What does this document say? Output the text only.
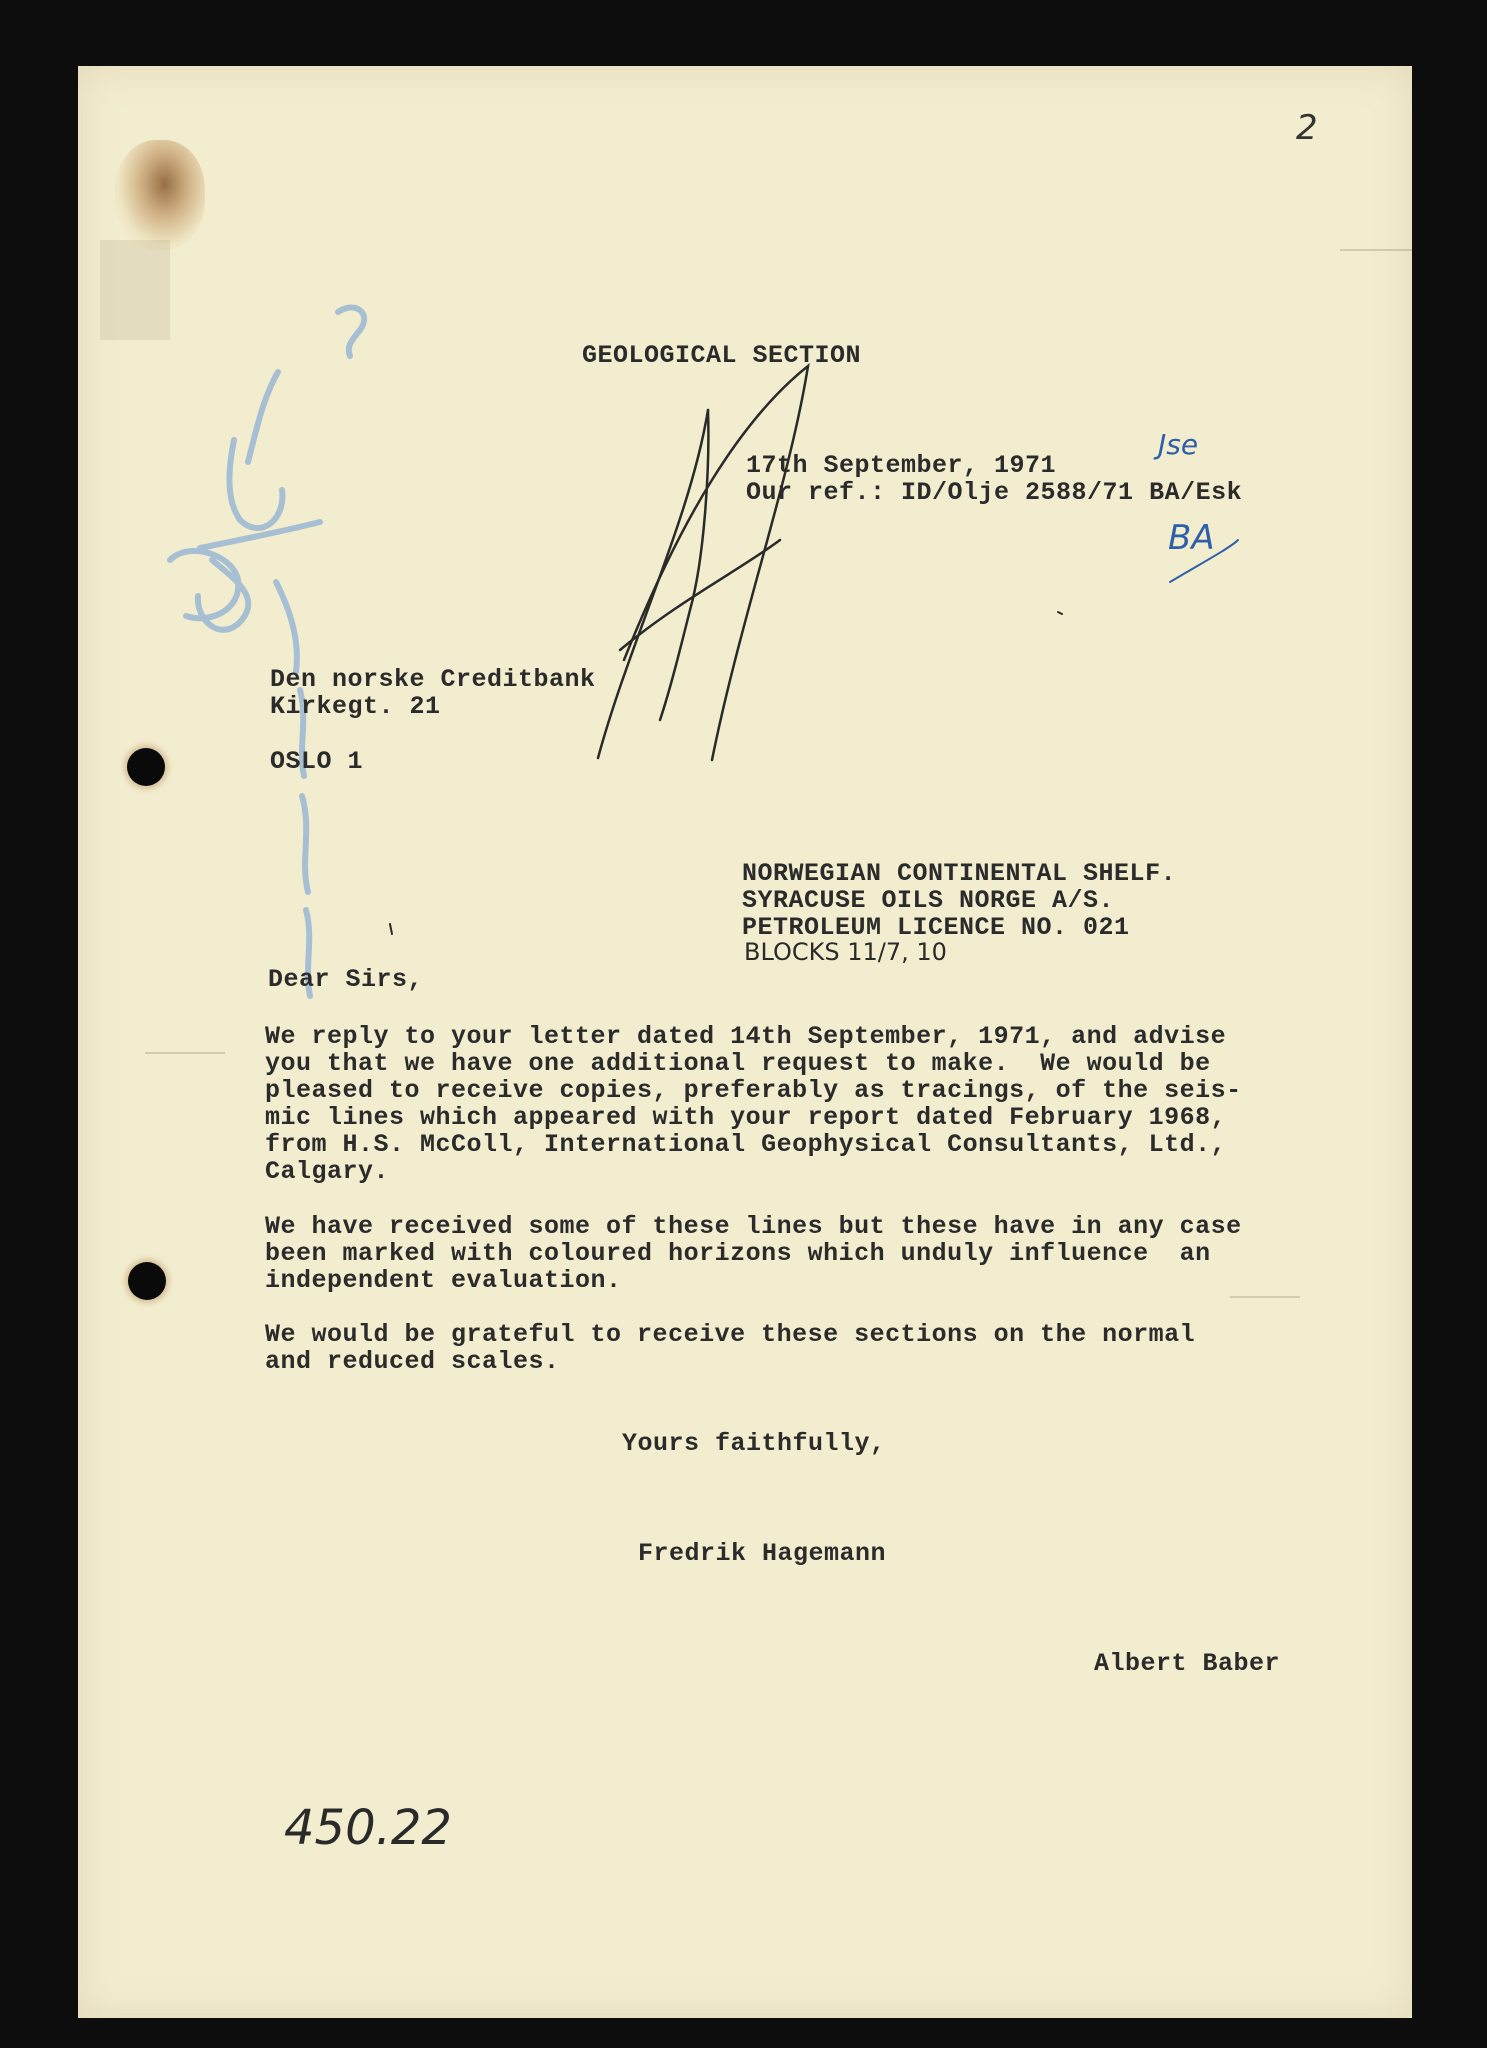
2
GEOLOGICAL SECTION
17th September, 1971
Our ref.: ID/Olje 2588/71 BA/Esk
Jse
BA
Den norske Creditbank
Kirkegt. 21
OSLO 1
NORWEGIAN CONTINENTAL SHELF.
SYRACUSE OILS NORGE A/S.
PETROLEUM LICENCE NO. 021
BLOCKS 11/7, 10
Dear Sirs,
We reply to your letter dated 14th September, 1971, and advise
you that we have one additional request to make.  We would be
pleased to receive copies, preferably as tracings, of the seis-
mic lines which appeared with your report dated February 1968,
from H.S. McColl, International Geophysical Consultants, Ltd.,
Calgary.
We have received some of these lines but these have in any case
been marked with coloured horizons which unduly influence  an
independent evaluation.
We would be grateful to receive these sections on the normal
and reduced scales.
Yours faithfully,
Fredrik Hagemann
Albert Baber
450.22
